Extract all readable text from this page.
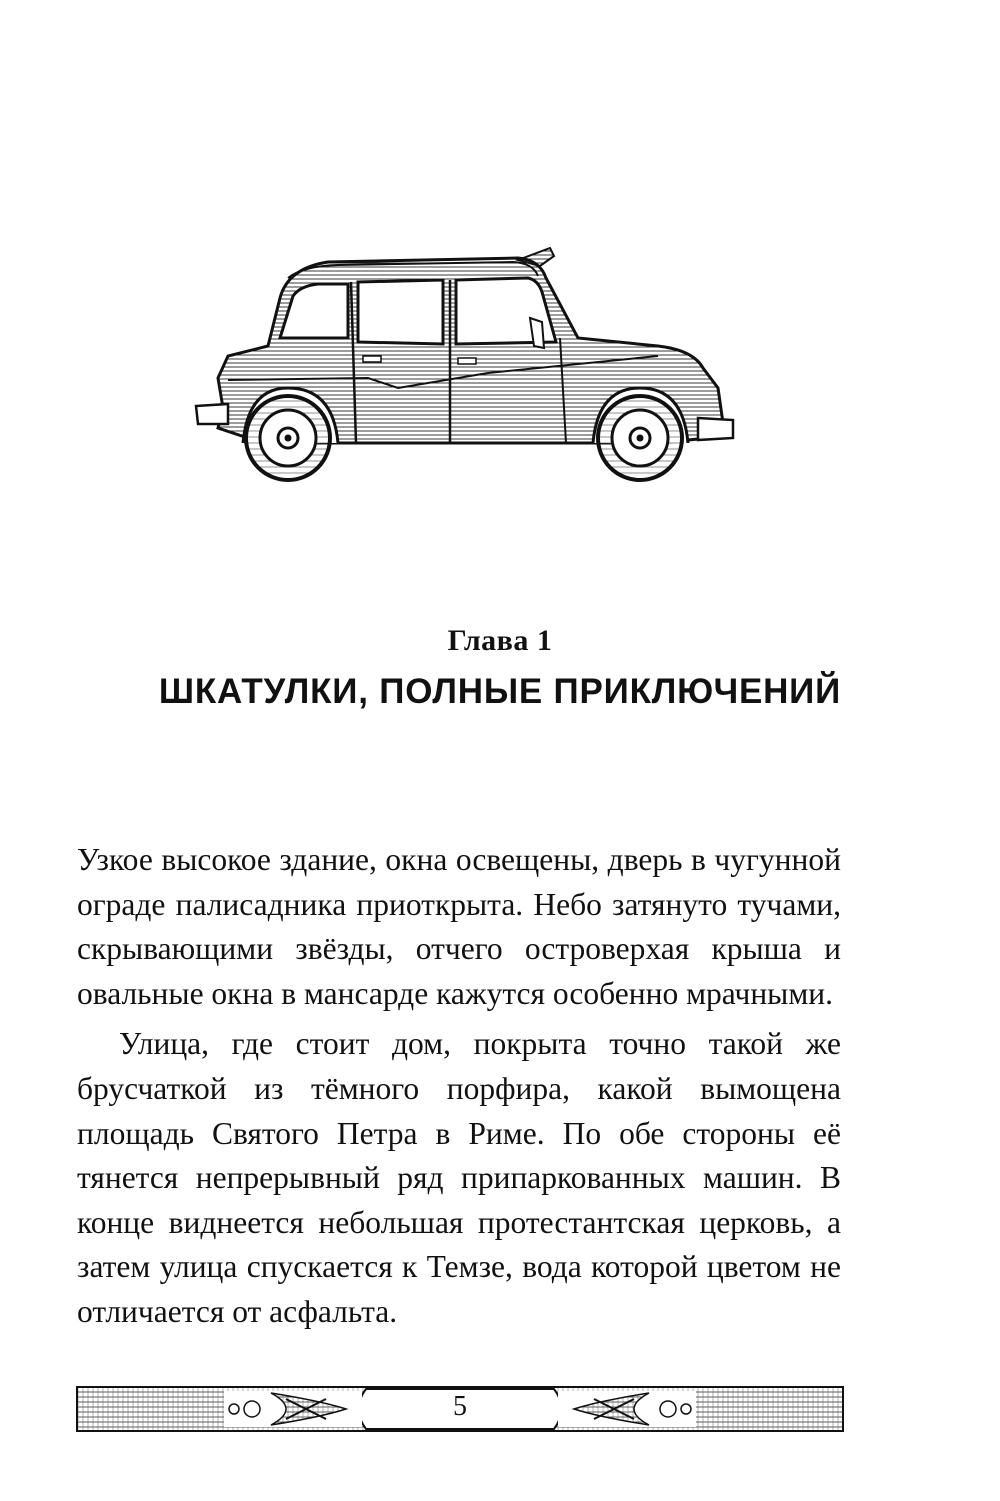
Глава 1
ШКАТУЛКИ, ПОЛНЫЕ ПРИКЛЮЧЕНИЙ

Узкое высокое здание, окна освещены, дверь в чугунной ограде палисадника приоткрыта. Небо затянуто тучами, скрывающими звёзды, отчего островерхая крыша и овальные окна в мансарде кажутся особенно мрачными.

Улица, где стоит дом, покрыта точно такой же брусчаткой из тёмного порфира, какой вымощена площадь Святого Петра в Риме. По обе стороны её тянется непрерывный ряд припаркованных машин. В конце виднеется небольшая протестантская церковь, а затем улица спускается к Темзе, вода которой цветом не отличается от асфальта.

5
